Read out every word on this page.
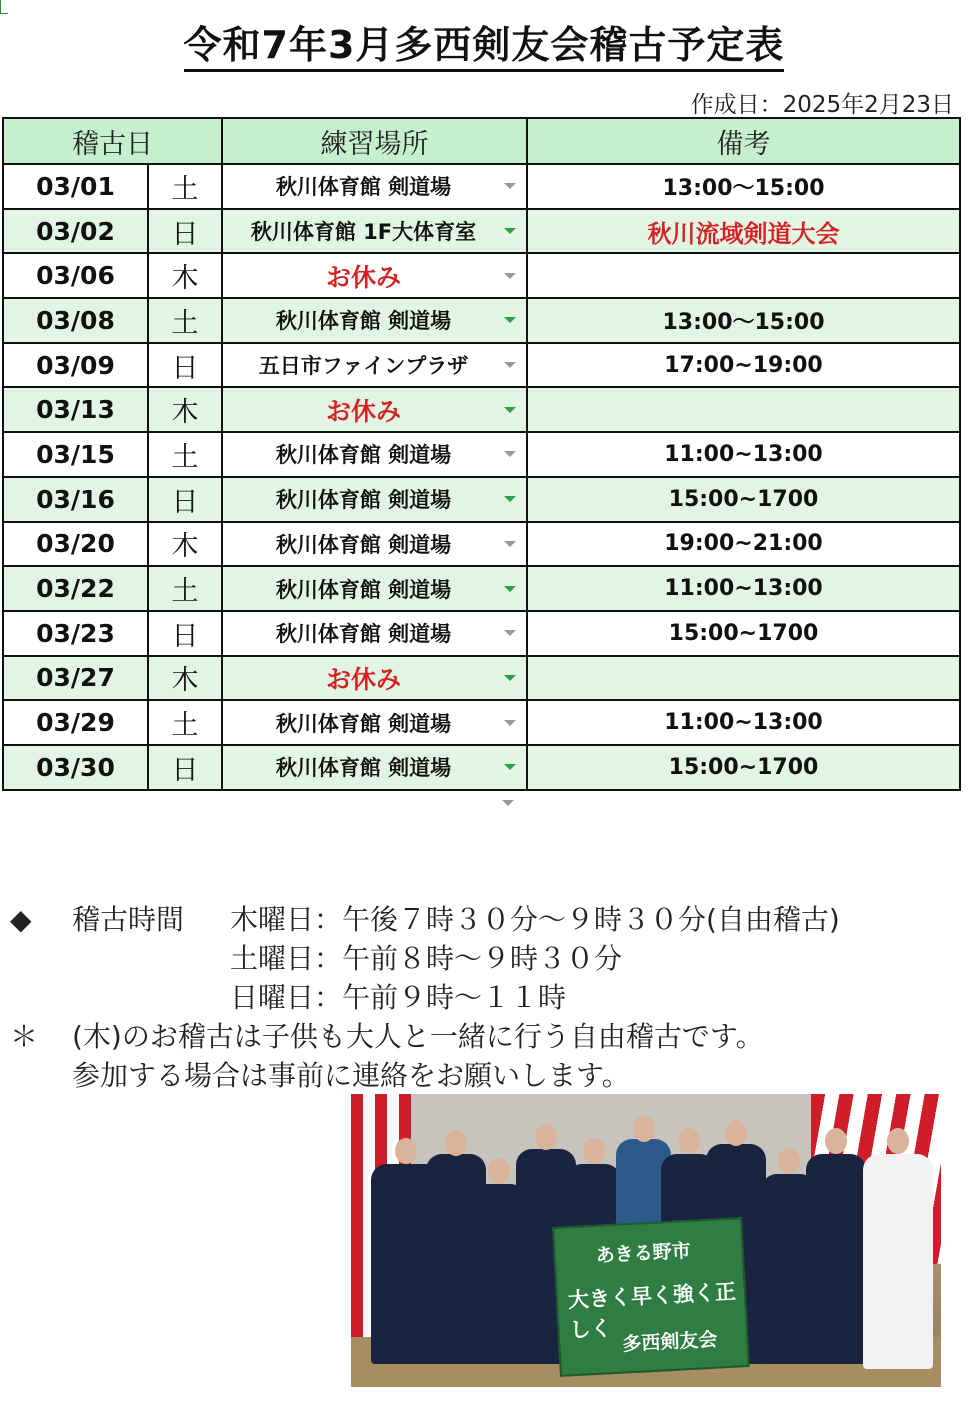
令和7年3月多西剣友会稽古予定表
作成日：2025年2月23日
稽古日		練習場所	備考
03/01	土	秋川体育館 剣道場	13:00〜15:00
03/02	日	秋川体育館 1F大体育室	秋川流域剣道大会
03/06	木	お休み

03/08	土	秋川体育館 剣道場	13:00〜15:00
03/09	日	五日市ファインプラザ	17:00~19:00
03/13	木	お休み

03/15	土	秋川体育館 剣道場	11:00~13:00
03/16	日	秋川体育館 剣道場	15:00~1700
03/20	木	秋川体育館 剣道場	19:00~21:00
03/22	土	秋川体育館 剣道場	11:00~13:00
03/23	日	秋川体育館 剣道場	15:00~1700
03/27	木	お休み

03/29	土	秋川体育館 剣道場	11:00~13:00
03/30	日	秋川体育館 剣道場	15:00~1700
◆ 稽古時間 木曜日：午後７時３０分〜９時３０分(自由稽古)
土曜日：午前８時〜９時３０分
日曜日：午前９時〜１１時
＊ (木)のお稽古は子供も大人と一緒に行う自由稽古です。
参加する場合は事前に連絡をお願いします。
あきる野市
大きく早く強く正しく 多西剣友会
